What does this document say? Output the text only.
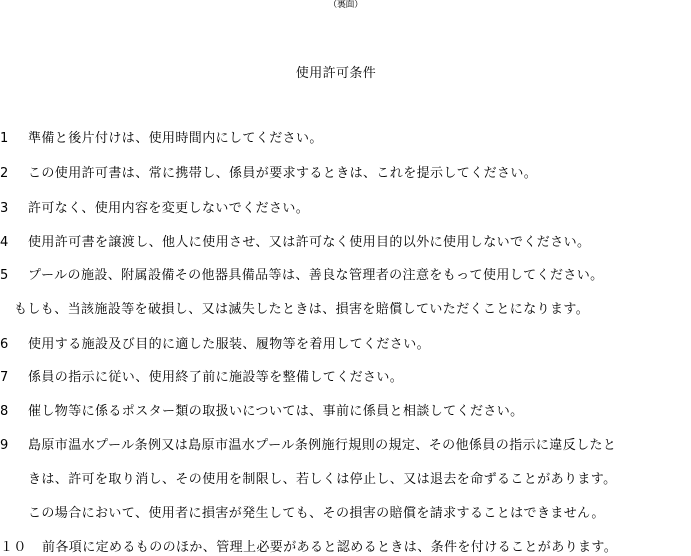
（裏面）
使用許可条件
1 準備と後片付けは、使用時間内にしてください。
2 この使用許可書は、常に携帯し、係員が要求するときは、これを提示してください。
3 許可なく、使用内容を変更しないでください。
4 使用許可書を譲渡し、他人に使用させ、又は許可なく使用目的以外に使用しないでください。
5 プールの施設、附属設備その他器具備品等は、善良な管理者の注意をもって使用してください。
もしも、当該施設等を破損し、又は滅失したときは、損害を賠償していただくことになります。
6 使用する施設及び目的に適した服装、履物等を着用してください。
7 係員の指示に従い、使用終了前に施設等を整備してください。
8 催し物等に係るポスター類の取扱いについては、事前に係員と相談してください。
9 島原市温水プール条例又は島原市温水プール条例施行規則の規定、その他係員の指示に違反したと
きは、許可を取り消し、その使用を制限し、若しくは停止し、又は退去を命ずることがあります。
この場合において、使用者に損害が発生しても、その損害の賠償を請求することはできません。
１０ 前各項に定めるもののほか、管理上必要があると認めるときは、条件を付けることがあります。
